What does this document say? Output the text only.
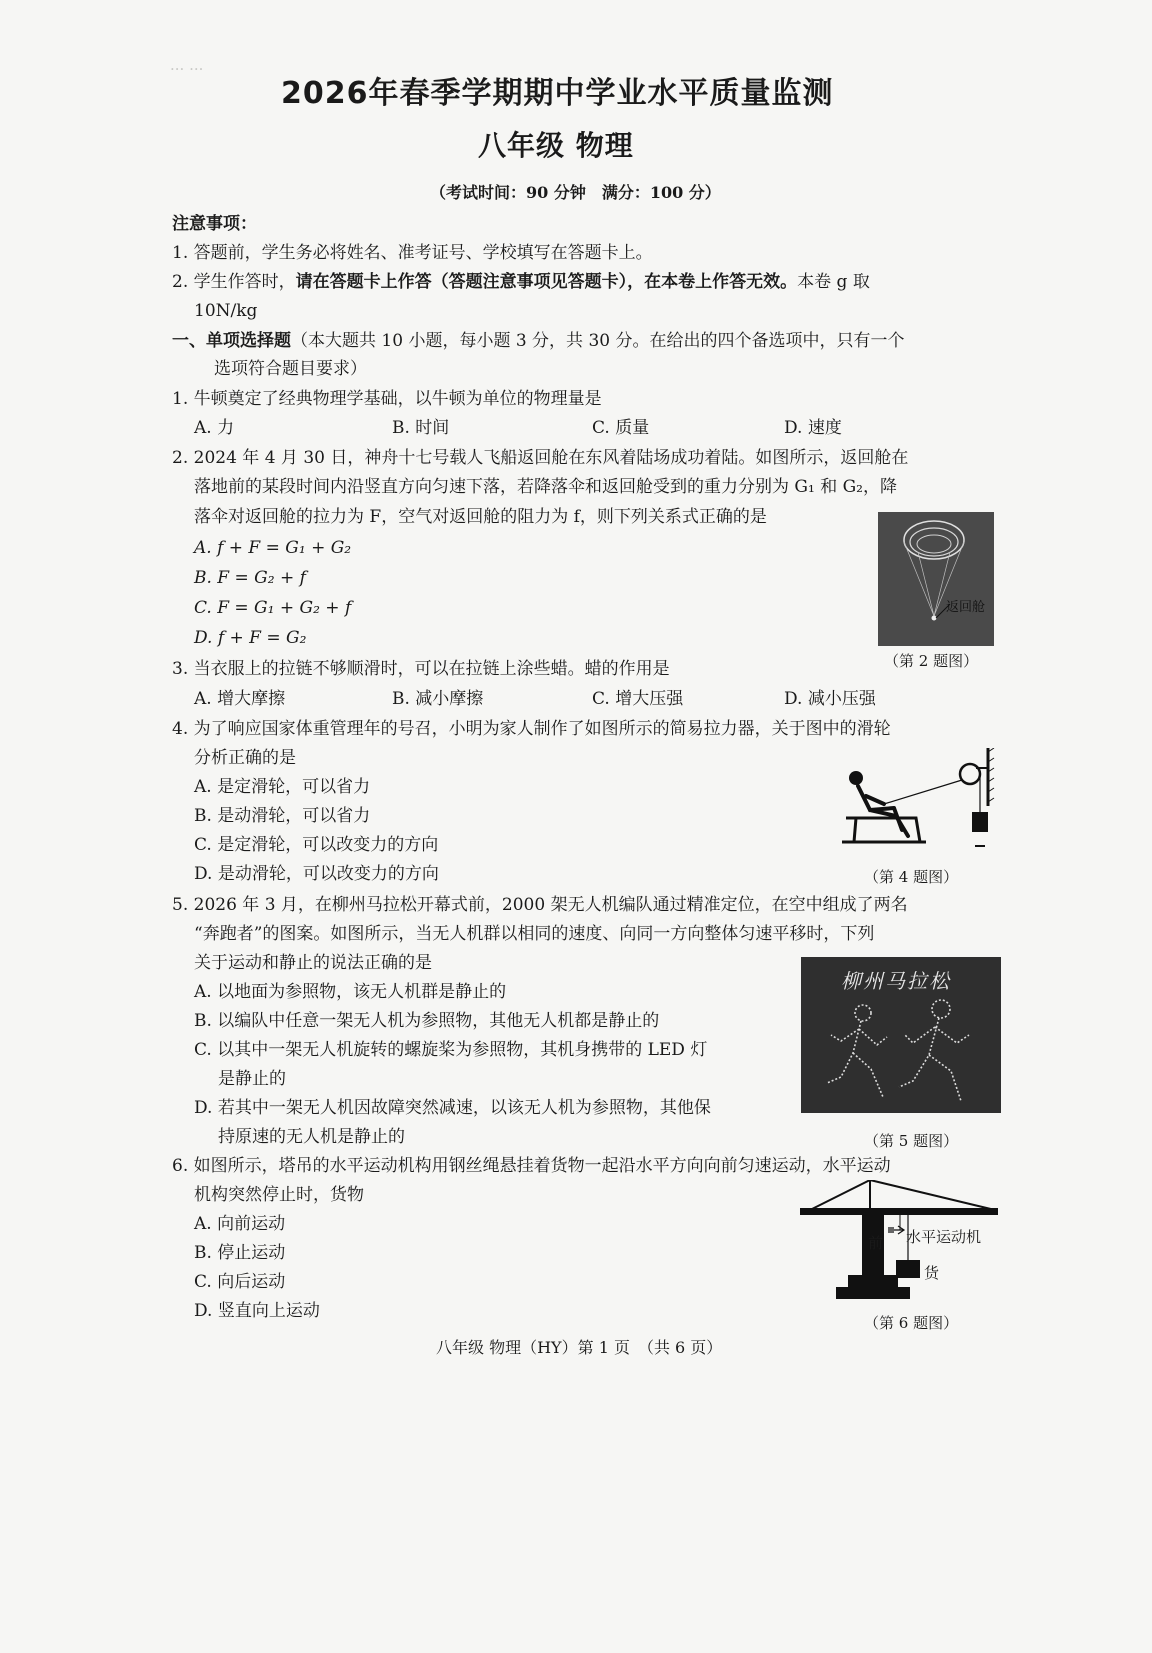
··· ···
2026年春季学期期中学业水平质量监测
八年级 物理
（考试时间：90 分钟　满分：100 分）
注意事项：
1. 答题前，学生务必将姓名、准考证号、学校填写在答题卡上。
2. 学生作答时，请在答题卡上作答（答题注意事项见答题卡），在本卷上作答无效。本卷 g 取
10N/kg
一、单项选择题（本大题共 10 小题，每小题 3 分，共 30 分。在给出的四个备选项中，只有一个
选项符合题目要求）
1. 牛顿奠定了经典物理学基础，以牛顿为单位的物理量是
A. 力	B. 时间	C. 质量	D. 速度
2. 2024 年 4 月 30 日，神舟十七号载人飞船返回舱在东风着陆场成功着陆。如图所示，返回舱在
落地前的某段时间内沿竖直方向匀速下落，若降落伞和返回舱受到的重力分别为 G₁ 和 G₂，降
落伞对返回舱的拉力为 F，空气对返回舱的阻力为 f，则下列关系式正确的是
A. f + F = G₁ + G₂
B. F = G₂ + f
C. F = G₁ + G₂ + f
D. f + F = G₂
返回舱
（第 2 题图）
3. 当衣服上的拉链不够顺滑时，可以在拉链上涂些蜡。蜡的作用是
A. 增大摩擦	B. 减小摩擦	C. 增大压强	D. 减小压强
4. 为了响应国家体重管理年的号召，小明为家人制作了如图所示的简易拉力器，关于图中的滑轮
分析正确的是
A. 是定滑轮，可以省力
B. 是动滑轮，可以省力
C. 是定滑轮，可以改变力的方向
D. 是动滑轮，可以改变力的方向	（第 4 题图）
5. 2026 年 3 月，在柳州马拉松开幕式前，2000 架无人机编队通过精准定位，在空中组成了两名
“奔跑者”的图案。如图所示，当无人机群以相同的速度、向同一方向整体匀速平移时，下列
关于运动和静止的说法正确的是
A. 以地面为参照物，该无人机群是静止的
B. 以编队中任意一架无人机为参照物，其他无人机都是静止的
C. 以其中一架无人机旋转的螺旋桨为参照物，其机身携带的 LED 灯
是静止的
D. 若其中一架无人机因故障突然减速，以该无人机为参照物，其他保
持原速的无人机是静止的
柳州马拉松
（第 5 题图）
6. 如图所示，塔吊的水平运动机构用钢丝绳悬挂着货物一起沿水平方向向前匀速运动，水平运动
机构突然停止时，货物
A. 向前运动
B. 停止运动
C. 向后运动
D. 竖直向上运动
前 水平运动机
货
（第 6 题图）
八年级 物理（HY）第 1 页　（共 6 页）
